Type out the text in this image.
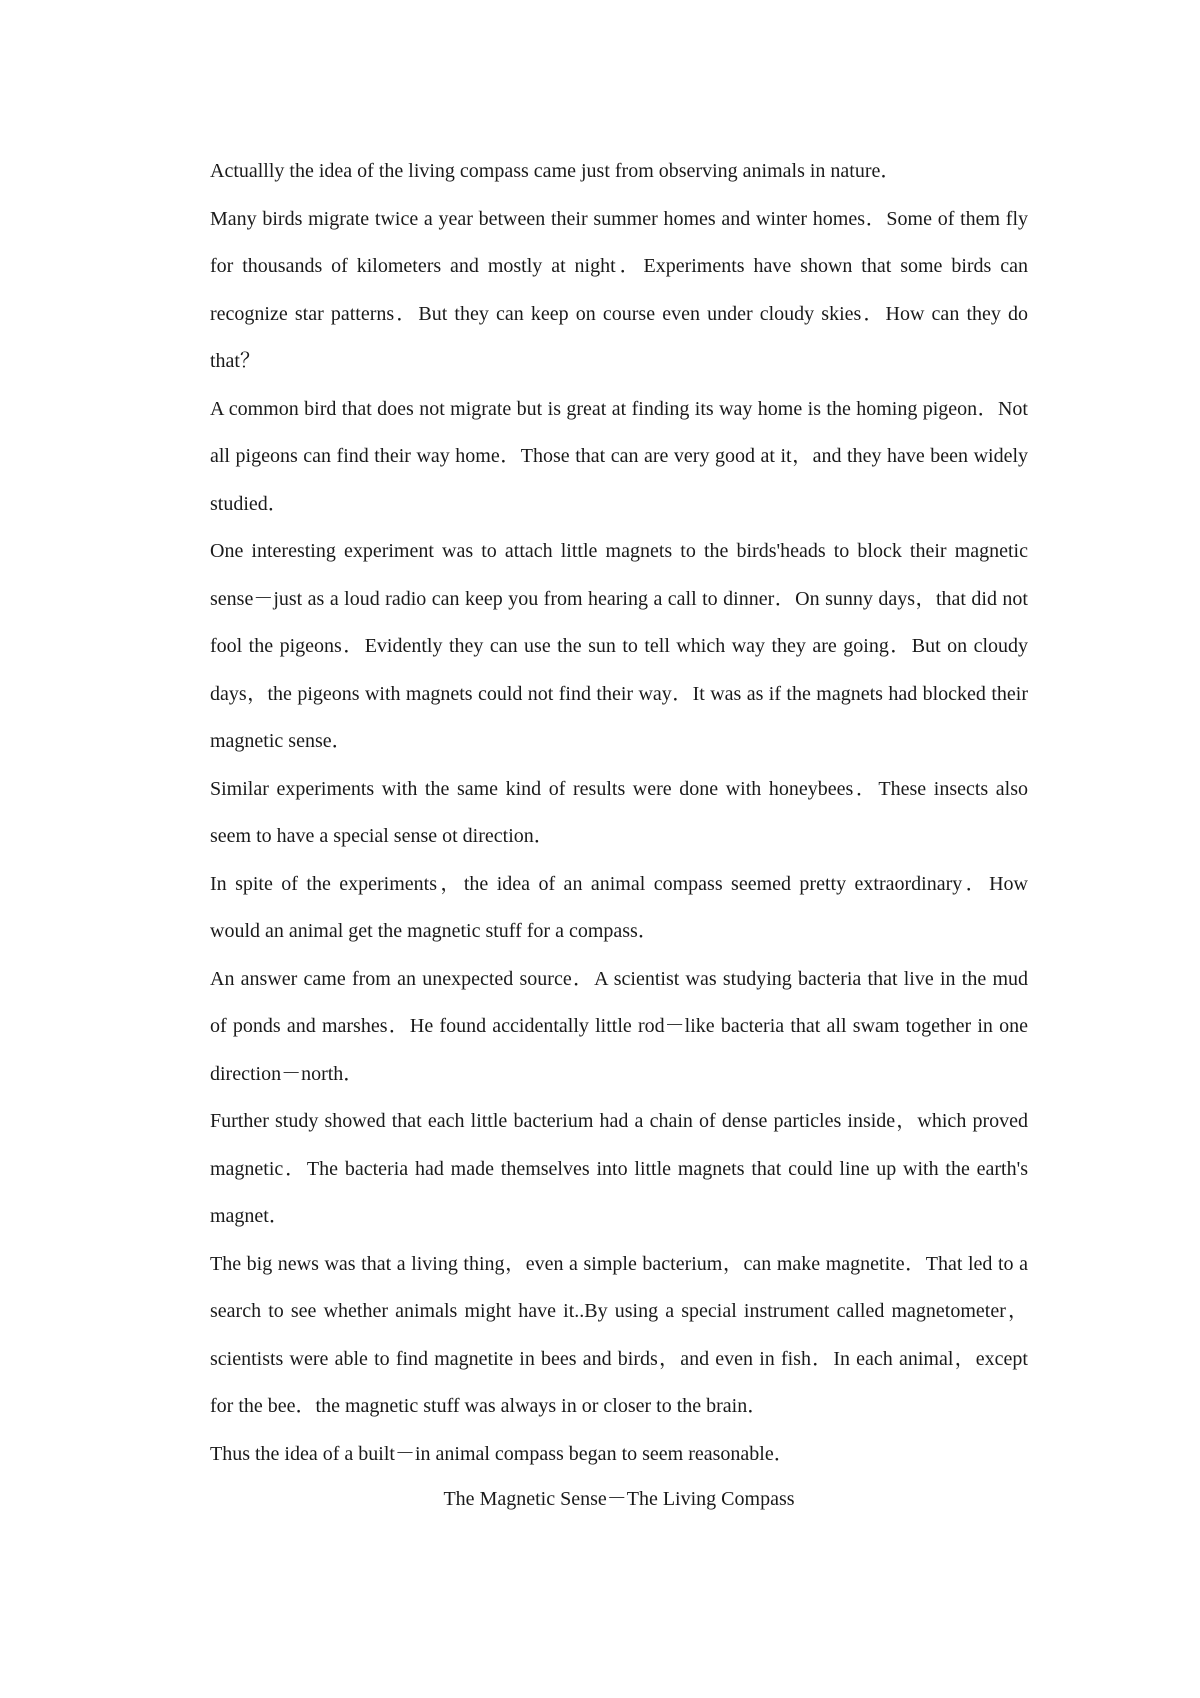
Actuallly the idea of the living compass came just from observing animals in nature．

Many birds migrate twice a year between their summer homes and winter homes．Some of them fly for thousands of kilometers and mostly at night．Experiments have shown that some birds can recognize star patterns．But they can keep on course even under cloudy skies．How can they do that？

A common bird that does not migrate but is great at finding its way home is the homing pigeon．Not all pigeons can find their way home．Those that can are very good at it，and they have been widely studied．

One interesting experiment was to attach little magnets to the birds'heads to block their magnetic sense－just as a loud radio can keep you from hearing a call to dinner．On sunny days，that did not fool the pigeons．Evidently they can use the sun to tell which way they are going．But on cloudy days，the pigeons with magnets could not find their way．It was as if the magnets had blocked their magnetic sense．

Similar experiments with the same kind of results were done with honeybees．These insects also seem to have a special sense ot direction．

In spite of the experiments，the idea of an animal compass seemed pretty extraordinary．How would an animal get the magnetic stuff for a compass．

An answer came from an unexpected source．A scientist was studying bacteria that live in the mud of ponds and marshes．He found accidentally little rod－like bacteria that all swam together in one direction－north．

Further study showed that each little bacterium had a chain of dense particles inside，which proved magnetic．The bacteria had made themselves into little magnets that could line up with the earth's magnet．

The big news was that a living thing，even a simple bacterium，can make magnetite．That led to a search to see whether animals might have it..By using a special instrument called magnetometer，scientists were able to find magnetite in bees and birds，and even in fish．In each animal，except for the bee．the magnetic stuff was always in or closer to the brain．

Thus the idea of a built－in animal compass began to seem reasonable．

The Magnetic Sense－The Living Compass
